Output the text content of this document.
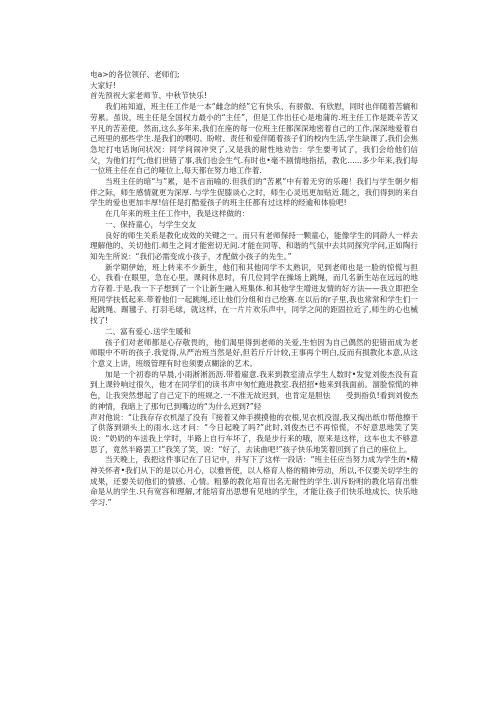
电a>的各位领仔、老师们;
大家好!
首先预祝大家老师节、中秋节快乐!
我们祐知道，班主任工作是一本“雌念的经”它有快乐、有骄傲、有欣慰，同时也伴随着苦辘和劳累。虽说，班主任是全国权力最小的“主任”，但是工作出任心是地蒲的.班主任工作是既辛苦又平凡的苦差使。然而,这么多年来,我们在座的每一位班主任都深深地密着自己的工作,深深地爱着自己班里的那些学生.是我们的喂叨、盼咐、责任和爱伴随着孩子们的校内生活,学生缺课了,我们会焦急坨打电话询问状况：同学间闹冲突了,又是我的耐性地劝告：学生要考试了，我们会给他们信父，为他们打气;他们世错了事,我们也会生气.有时也•毫不剧情地指括，教化......多少年来,我们每一位班主任在自己的哑位上,每天都在努力地工作着.
当班主任的暗“与”累，是不言而喻的.但我们的“苦累”中有着无穷的乐趣！我们与学生朝夕相伴之际，师生感情就更为深厚. 与学生促膝谈心之时，师生心灵迅更加贴近.随之，我们得到的来自学生的爱也更加丰厚!信任是打酷爱孩子的班主任都有过这样的经逾和体验吧!
在几年来的班主任工作中，我是这样做的：
一、保持童心，与学生交友
良好的师生关系是教化成效的关键之一。而只有老师保持一颗童心，能像学生的同龄人一样去理解他的、关切他们.师生之间才能密切无间.才能在同等、和谐的气氛中去共同探究学问,正如陶行知先生所说：“我们必需变成小孩子，才配做小孩子的先生。”
新学期伊始，班上转来不少新生，他们和其他同学不太熟识，见到老师也是一脸的惊慌与担心，我看·在眼里，急在心里。课间休息时，有几位同学在操场上跳绳，而几名新生站在远远的地方存着.于是,我一下子想到了一个让新生融入班集体.和其他学生增进友情的好方法——我立即把全班同学扶低起来.带着他们一起跳绳,还让他们分组和自己绘赛.在以后的r子里,我也常常和学生们一起跳绳、踢毽子、打羽毛球，就这样，在一片片欢乐声中，同学之间的距固拉近了,师生的心也械找了!
二、富有爱心.送学生暖和
孩子们对老师都是心存敬畏的，他们渴里得到老师的关爱,生怕因为自己偶然的犯错而成为老师眼中不听的孩子.我觉得,从严治班当然是好,但若斤斤计较,王事再个明白,反而有损教化本意,从这个意义上讲，班级管理有时也须要点糊涂的艺术。
加是一个初春的早晨,小雨淅淅沥沥.带着雇意.我来到教室清点学生人数时•发觉刘俊杰没有直到上课铃响过很久，他才在同学们的读书声中匆忙跑进教室.我招招•他来到我面前。溜脸惊慌的神色，让我突然想起了自己定下的班规之.一不准无故迟到，也肯定是胆怯　　受到指负!看到刘俊杰的神情，我暗上了那句已到嘴边的“为什么迟到?”轻
声对他说：“让我存存衣机湿了没有『接着又伸手摸摸他的衣根,见衣机没湿,我又掏出纸巾帮他擦干了供落到頭头上的雨水.这才问：“今日起晚了吗?”此时,刘俊杰已不再惊慌，不好意思地笑了笑说：“奶奶的车送我上学时，半路上自行车坏了，我是步行来的哦，原来是这样，这车也太不够意思了，竟然半路罢工!”我笑了笑，说：“好了，去读曲吧!”孩子快乐地笑着回到了自己的座位上。
当天晚上，我把这件事记在了日记中，并写下了这样一段话：“班主任应当努力成为学生的•精神关怀者•我们从下的是以心月心，以雅皆使，以人格育人格的精神劳动，所以,不仅要关切学生的成果，还要关切他们的情感、心情。粗暴的教化培育出名无耐性的学生.训斥盼咐的教化培育出惟命是从的学生.只有宽容和理解,才能培育出思想有见地的学生，才能让孩子们快乐地成长、快乐地学习.”
